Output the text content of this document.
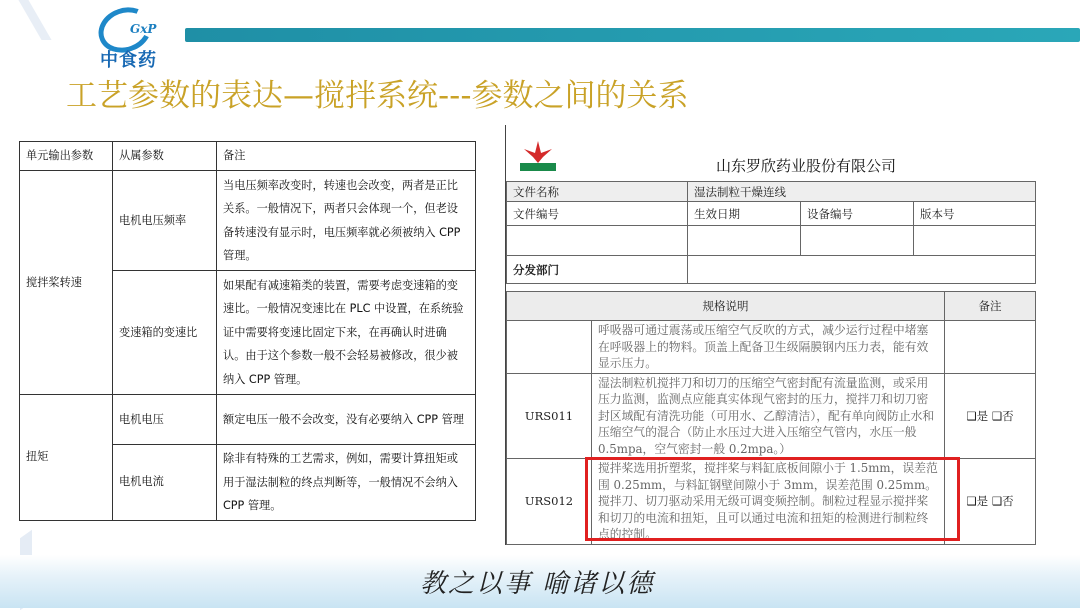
GxP
中食药
工艺参数的表达—搅拌系统---参数之间的关系
单元输出参数	从属参数	备注
搅拌桨转速	电机电压频率	当电压频率改变时，转速也会改变，两者是正比关系。一般情况下，两者只会体现一个，但老设备转速没有显示时，电压频率就必须被纳入 CPP 管理。
	变速箱的变速比	如果配有减速箱类的装置，需要考虑变速箱的变速比。一般情况变速比在 PLC 中设置，在系统验证中需要将变速比固定下来，在再确认时进确认。由于这个参数一般不会轻易被修改，很少被纳入 CPP 管理。
扭矩	电机电压	额定电压一般不会改变，没有必要纳入 CPP 管理
	电机电流	除非有特殊的工艺需求，例如，需要计算扭矩或用于湿法制粒的终点判断等，一般情况不会纳入 CPP 管理。
山东罗欣药业股份有限公司
文件名称	湿法制粒干燥连线		
文件编号	生效日期	设备编号	版本号

分发部门			
规格说明		备注
	呼吸器可通过震荡或压缩空气反吹的方式，减少运行过程中堵塞在呼吸器上的物料。顶盖上配备卫生级隔膜钢内压力表，能有效显示压力。	
URS011	湿法制粒机搅拌刀和切刀的压缩空气密封配有流量监测，或采用压力监测，监测点应能真实体现气密封的压力，搅拌刀和切刀密封区域配有清洗功能（可用水、乙醇清洁），配有单向阀防止水和压缩空气的混合（防止水压过大进入压缩空气管内，水压一般 0.5mpa，空气密封一般 0.2mpa。）	❑是 ❑否
URS012	搅拌桨选用折塑浆，搅拌桨与料缸底板间隙小于 1.5mm，误差范围 0.25mm，与料缸钢壁间隙小于 3mm，误差范围 0.25mm。搅拌刀、切刀驱动采用无级可调变频控制。制粒过程显示搅拌桨和切刀的电流和扭矩，且可以通过电流和扭矩的检测进行制粒终点的控制。	❑是 ❑否
教之以事 喻诸以德
